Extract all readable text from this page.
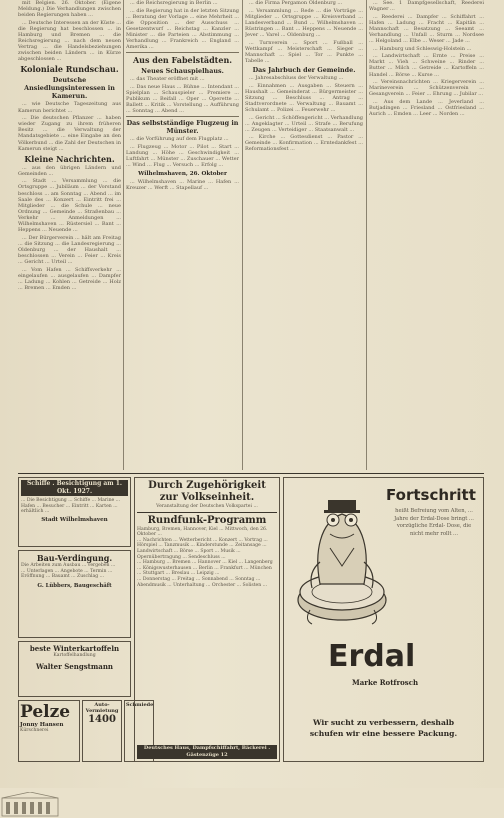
mit Belgien. 26. Oktober. (Eigene Meldung.) Die Verhandlungen zwischen beiden Regierungen haben ...

... Deutsche Interessen an der Küste ... die Regierung hat beschlossen ... in Hamburg und Bremen ... die Reichsregierung ... nach dem neuen Vertrag ... die Handelsbeziehungen zwischen beiden Ländern ... in Kürze abgeschlossen ...

Koloniale Rundschau.
Deutsche Ansiedlungsinteressen in Kamerun.

... wie Deutsche Tageszeitung aus Kamerun berichtet ...

... Die deutschen Pflanzer ... haben wieder Zugang zu ihrem früheren Besitz ... die Verwaltung der Mandatsgebiete ... eine Eingabe an den Völkerbund ... die Zahl der Deutschen in Kamerun steigt ...

Kleine Nachrichten.

... aus den übrigen Ländern und Gemeinden ...

... Stadt ... Versammlung ... die Ortsgruppe ... Jubiläum ... der Vorstand beschloss ... am Sonntag ... Abend ... im Saale des ... Konzert ... Eintritt frei ... Mitglieder ... die Schule ... neue Ordnung ... Gemeinde ... Straßenbau ... Verkehr ... Anmeldungen ... Wilhelmshaven ... Rüstersiel ... Bant ... Heppens ... Neuende ...

... Der Bürgerverein ... hält am Freitag ... die Sitzung ... die Landesregierung ... Oldenburg ... der Haushalt ... beschlossen ... Verein ... Feier ... Kreis ... Gericht ... Urteil ...

... Vom Hafen ... Schiffsverkehr ... eingelaufen ... ausgelaufen ... Dampfer ... Ladung ... Kohlen ... Getreide ... Holz ... Bremen ... Emden ...

... die Reichsregierung in Berlin ...

... die Regierung hat in der letzten Sitzung ... Beratung der Vorlage ... eine Mehrheit ... die Opposition ... der Ausschuss ... Gesetzentwurf ... Reichstag ... Kanzler ... Minister ... die Parteien ... Abstimmung ... Verhandlung ... Frankreich ... England ... Amerika ...

Aus den Fabelstädten.
Neues Schauspielhaus.

... das Theater eröffnet mit ...

... Das neue Haus ... Bühne ... Intendant ... Spielplan ... Schauspieler ... Premiere ... Publikum ... Beifall ... Oper ... Operette ... Ballett ... Kritik ... Vorstellung ... Aufführung ... Sonntag ... Abend ...

Das selbstständige Flugzeug in Münster.

... die Vorführung auf dem Flugplatz ...

... Flugzeug ... Motor ... Pilot ... Start ... Landung ... Höhe ... Geschwindigkeit ... Luftfahrt ... Münster ... Zuschauer ... Wetter ... Wind ... Flug ... Versuch ... Erfolg ...

Wilhelmshaven, 26. Oktober

... Wilhelmshaven ... Marine ... Hafen ... Kreuzer ... Werft ... Stapellauf ...

... die Firma Pergamon Oldenburg ...

... Versammlung ... Rede ... die Vorträge ... Mitglieder ... Ortsgruppe ... Kreisverband ... Landesverband ... Bund ... Wilhelmshaven ... Rüstringen ... Bant ... Heppens ... Neuende ... Jever ... Varel ... Oldenburg ...

... Turnverein ... Sport ... Fußball ... Wettkampf ... Meisterschaft ... Sieger ... Mannschaft ... Spiel ... Tor ... Punkte ... Tabelle ...

Das Jahrbuch der Gemeinde.

... Jahresabschluss der Verwaltung ...

... Einnahmen ... Ausgaben ... Steuern ... Haushalt ... Gemeinderat ... Bürgermeister ... Sitzung ... Beschluss ... Antrag ... Stadtverordnete ... Verwaltung ... Bauamt ... Schulamt ... Polizei ... Feuerwehr ...

... Gericht ... Schöffengericht ... Verhandlung ... Angeklagter ... Urteil ... Strafe ... Berufung ... Zeugen ... Verteidiger ... Staatsanwalt ...

... Kirche ... Gottesdienst ... Pastor ... Gemeinde ... Konfirmation ... Erntedankfest ... Reformationsfest ...

... See. 1 Dampfgesellschaft, Reederei Wagner ...

... Reederei ... Dampfer ... Schiffahrt ... Hafen ... Ladung ... Fracht ... Kapitän ... Mannschaft ... Besatzung ... Seeamt ... Verhandlung ... Unfall ... Sturm ... Nordsee ... Helgoland ... Elbe ... Weser ... Jade ...

... Hamburg und Schleswig-Holstein ...

... Landwirtschaft ... Ernte ... Preise ... Markt ... Vieh ... Schweine ... Rinder ... Butter ... Milch ... Getreide ... Kartoffeln ... Handel ... Börse ... Kurse ...

... Vereinsnachrichten ... Kriegerverein ... Marineverein ... Schützenverein ... Gesangverein ... Feier ... Ehrung ... Jubilar ...

... Aus dem Lande ... Jeverland ... Butjadingen ... Friesland ... Ostfriesland ... Aurich ... Emden ... Leer ... Norden ...

Schiffe . Besichtigung am 1. Okt. 1927.
... Die Besichtigung ... Schiffe ... Marine ... Hafen ... Besucher ... Eintritt ... Karten ... erhältlich ...
Stadt Wilhelmshaven
Bau-Verdingung.
Die Arbeiten zum Ausbau ... vergeben ...
... Unterlagen ... Angebote ... Termin ... Eröffnung ... Bauamt ... Zuschlag ...
G. Lübbers, Baugeschäft
beste Winterkartoffeln
Kartoffelhandlung
Walter Sengstmann
Pelze
Jonny Hansen
Kürschnerei
Auto-Vermietung
1400
Schmiede
Durch Zugehörigkeit
zur Volkseinheit.
Veranstaltung der Deutschen Volkspartei ...
Rundfunk-Programm
Hamburg, Bremen, Hannover, Kiel ... Mittwoch, den 26. Oktober ...
... Nachrichten ... Wetterbericht ... Konzert ... Vortrag ... Hörspiel ... Tanzmusik ... Kinderstunde ... Zeitansage ... Landwirtschaft ... Börse ... Sport ... Musik ... Opernübertragung ... Sendeschluss ...
... Hamburg ... Bremen ... Hannover ... Kiel ... Langenberg ... Königswusterhausen ... Berlin ... Frankfurt ... München ... Stuttgart ... Breslau ... Leipzig ...
... Donnerstag ... Freitag ... Sonnabend ... Sonntag ... Abendmusik ... Unterhaltung ... Orchester ... Solisten ...
Deutsches Haus, Dampfschiffahrt, Bäckerei . Gästenzüge 12
Fortschritt
heißt Befreiung vom Alten, ... Jahre der Erdal-Dose bringt ... vorzügliche Erdal- Dose, die nicht mehr rollt ...
Erdal
Marke Rotfrosch
Wir sucht zu verbessern, deshalb
schufen wir eine bessere Packung.
